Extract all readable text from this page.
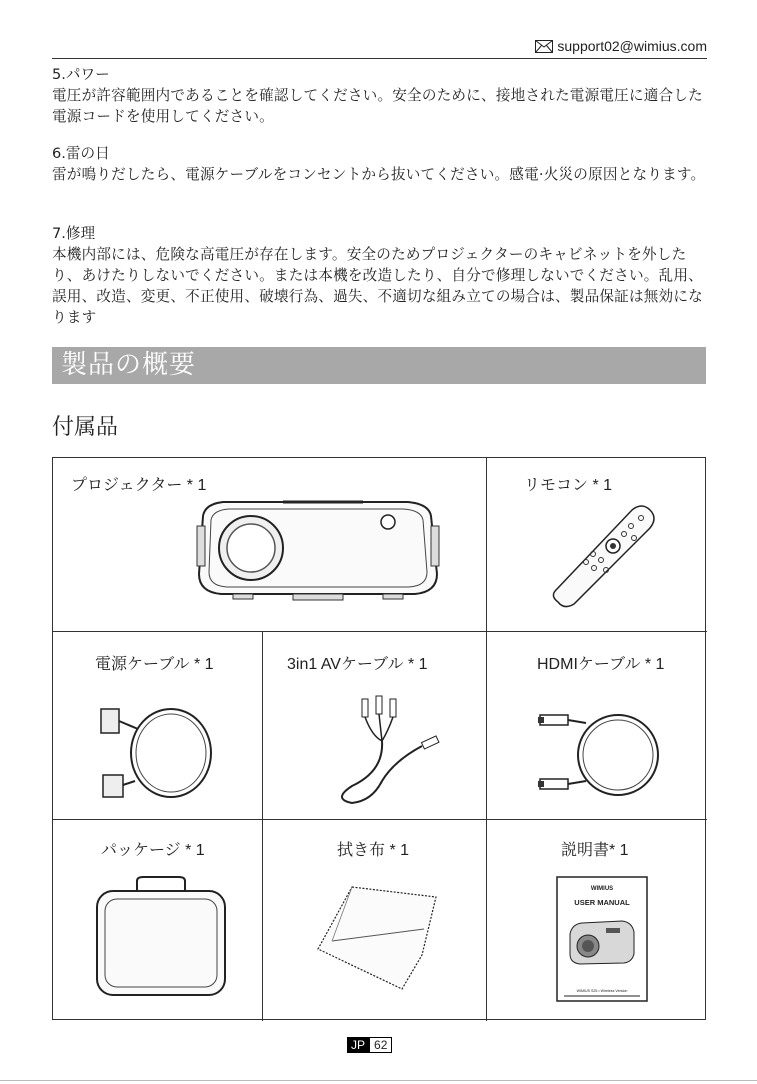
support02@wimius.com
5.パワー
電圧が許容範囲内であることを確認してください。安全のために、接地された電源電圧に適合した電源コードを使用してください。
6.雷の日
雷が鳴りだしたら、電源ケーブルをコンセントから抜いてください。感電·火災の原因となります。
7.修理
本機内部には、危険な高電圧が存在します。安全のためプロジェクターのキャビネットを外したり、あけたりしないでください。または本機を改造したり、自分で修理しないでください。乱用、誤用、改造、変更、不正使用、破壊行為、過失、不適切な組み立ての場合は、製品保証は無効になります
製品の概要
付属品
プロジェクター * 1	リモコン * 1
電源ケーブル * 1	3in1 AVケーブル * 1	HDMIケーブル * 1
パッケージ * 1	拭き布 * 1	説明書* 1
WIMIUS
USER MANUAL
WIMIUS S25 • Wireless Version
JP 62
